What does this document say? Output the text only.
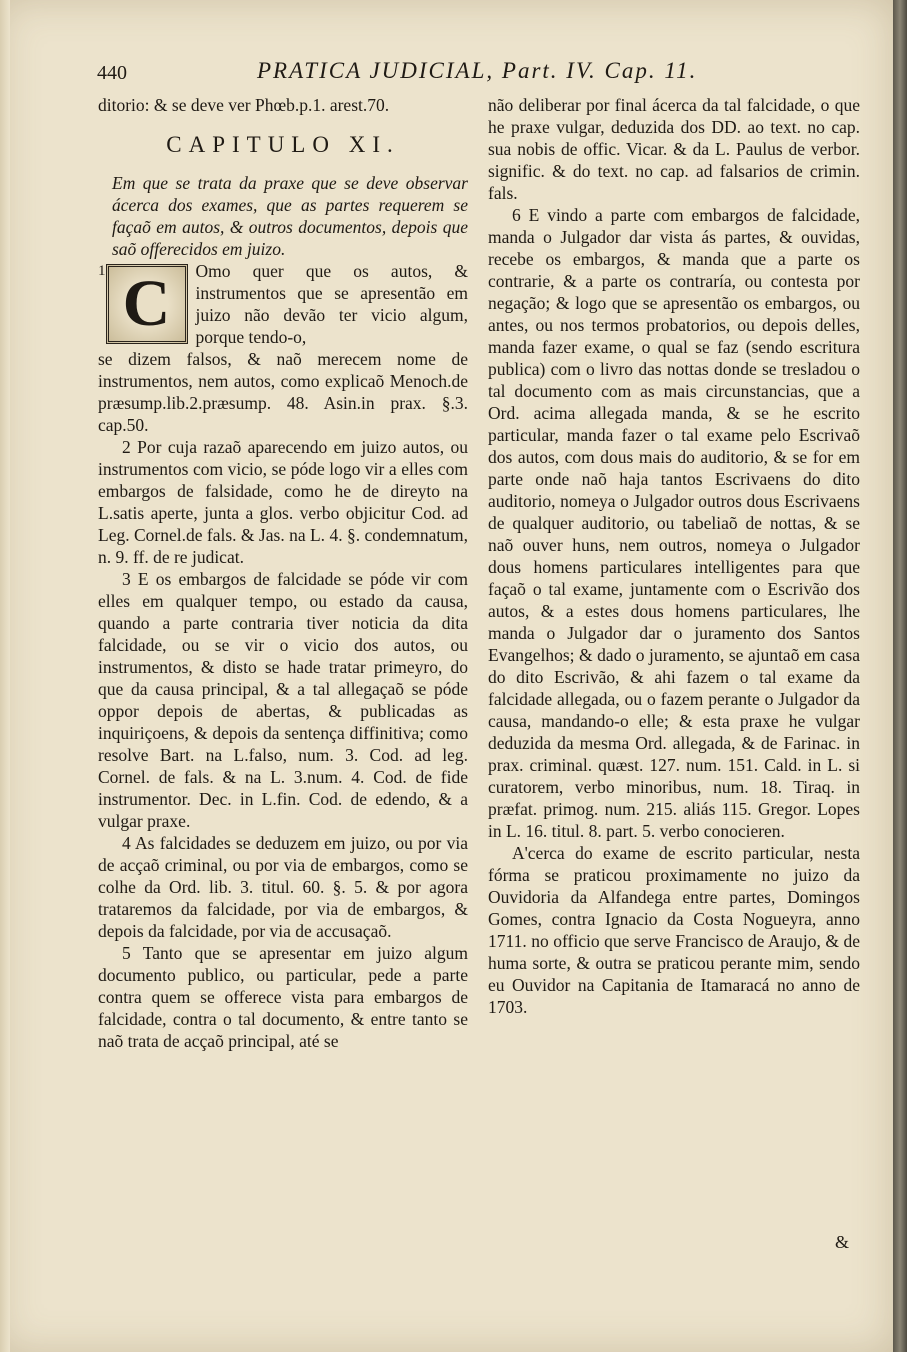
440	PRATICA JUDICIAL, Part. IV. Cap. 11.

ditorio: & se deve ver Phœb.p.1. arest.70.

CAPITULO XI.

Em que se trata da praxe que se deve observar ácerca dos exames, que as partes requerem se façaõ em autos, & outros documentos, depois que saõ offerecidos em juizo.

1 C	Omo quer que os autos, & instrumentos que se apresentão em juizo não devão ter vicio algum, porque tendo-o,

se dizem falsos, & naõ merecem nome de instrumentos, nem autos, como explicaõ Menoch.de præsump.lib.2.præsump. 48. Asin.in prax. §.3. cap.50.

2 Por cuja razaõ aparecendo em juizo autos, ou instrumentos com vicio, se póde logo vir a elles com embargos de falsidade, como he de direyto na L.satis aperte, junta a glos. verbo objicitur Cod. ad Leg. Cornel.de fals. & Jas. na L. 4. §. condemnatum, n. 9. ff. de re judicat.

3 E os embargos de falcidade se póde vir com elles em qualquer tempo, ou estado da causa, quando a parte contraria tiver noticia da dita falcidade, ou se vir o vicio dos autos, ou instrumentos, & disto se hade tratar primeyro, do que da causa principal, & a tal allegaçaõ se póde oppor depois de abertas, & publicadas as inquiriçoens, & depois da sentença diffinitiva; como resolve Bart. na L.falso, num. 3. Cod. ad leg. Cornel. de fals. & na L. 3.num. 4. Cod. de fide instrumentor. Dec. in L.fin. Cod. de edendo, & a vulgar praxe.

4 As falcidades se deduzem em juizo, ou por via de acçaõ criminal, ou por via de embargos, como se colhe da Ord. lib. 3. titul. 60. §. 5. & por agora trataremos da falcidade, por via de embargos, & depois da falcidade, por via de accusaçaõ.

5 Tanto que se apresentar em juizo algum documento publico, ou particular, pede a parte contra quem se offerece vista para embargos de falcidade, contra o tal documento, & entre tanto se naõ trata de acçaõ principal, até se

não deliberar por final ácerca da tal falcidade, o que he praxe vulgar, deduzida dos DD. ao text. no cap. sua nobis de offic. Vicar. & da L. Paulus de verbor. signific. & do text. no cap. ad falsarios de crimin. fals.

6 E vindo a parte com embargos de falcidade, manda o Julgador dar vista ás partes, & ouvidas, recebe os embargos, & manda que a parte os contrarie, & a parte os contraría, ou contesta por negação; & logo que se apresentão os embargos, ou antes, ou nos termos probatorios, ou depois delles, manda fazer exame, o qual se faz (sendo escritura publica) com o livro das nottas donde se tresladou o tal documento com as mais circunstancias, que a Ord. acima allegada manda, & se he escrito particular, manda fazer o tal exame pelo Escrivaõ dos autos, com dous mais do auditorio, & se for em parte onde naõ haja tantos Escrivaens do dito auditorio, nomeya o Julgador outros dous Escrivaens de qualquer auditorio, ou tabeliaõ de nottas, & se naõ ouver huns, nem outros, nomeya o Julgador dous homens particulares intelligentes para que façaõ o tal exame, juntamente com o Escrivão dos autos, & a estes dous homens particulares, lhe manda o Julgador dar o juramento dos Santos Evangelhos; & dado o juramento, se ajuntaõ em casa do dito Escrivão, & ahi fazem o tal exame da falcidade allegada, ou o fazem perante o Julgador da causa, mandando-o elle; & esta praxe he vulgar deduzida da mesma Ord. allegada, & de Farinac. in prax. criminal. quæst. 127. num. 151. Cald. in L. si curatorem, verbo minoribus, num. 18. Tiraq. in præfat. primog. num. 215. aliás 115. Gregor. Lopes in L. 16. titul. 8. part. 5. verbo conocieren.

A'cerca do exame de escrito particular, nesta fórma se praticou proximamente no juizo da Ouvidoria da Alfandega entre partes, Domingos Gomes, contra Ignacio da Costa Nogueyra, anno 1711. no officio que serve Francisco de Araujo, & de huma sorte, & outra se praticou perante mim, sendo eu Ouvidor na Capitania de Itamaracá no anno de 1703.

&
